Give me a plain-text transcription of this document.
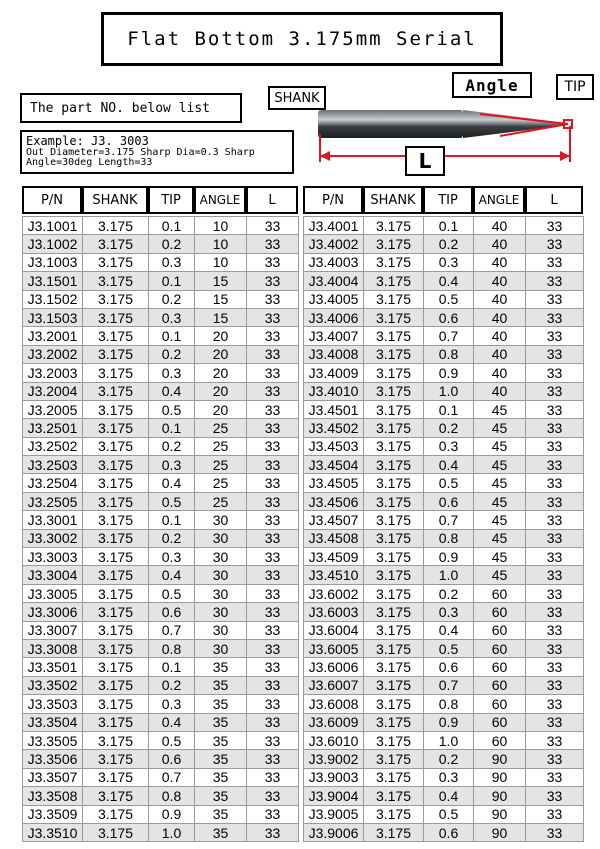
Flat Bottom 3.175mm Serial
The part NO. below list
Example: J3. 3003
Out Diameter=3.175 Sharp Dia=0.3 Sharp
Angle=30deg Length=33
SHANK
Angle	TIP
L
P/N	SHANK	TIP	ANGLE	L	P/N	SHANK	TIP	ANGLE	L
J3.1001	3.175	0.1	10	33
J3.1002	3.175	0.2	10	33
J3.1003	3.175	0.3	10	33
J3.1501	3.175	0.1	15	33
J3.1502	3.175	0.2	15	33
J3.1503	3.175	0.3	15	33
J3.2001	3.175	0.1	20	33
J3.2002	3.175	0.2	20	33
J3.2003	3.175	0.3	20	33
J3.2004	3.175	0.4	20	33
J3.2005	3.175	0.5	20	33
J3.2501	3.175	0.1	25	33
J3.2502	3.175	0.2	25	33
J3.2503	3.175	0.3	25	33
J3.2504	3.175	0.4	25	33
J3.2505	3.175	0.5	25	33
J3.3001	3.175	0.1	30	33
J3.3002	3.175	0.2	30	33
J3.3003	3.175	0.3	30	33
J3.3004	3.175	0.4	30	33
J3.3005	3.175	0.5	30	33
J3.3006	3.175	0.6	30	33
J3.3007	3.175	0.7	30	33
J3.3008	3.175	0.8	30	33
J3.3501	3.175	0.1	35	33
J3.3502	3.175	0.2	35	33
J3.3503	3.175	0.3	35	33
J3.3504	3.175	0.4	35	33
J3.3505	3.175	0.5	35	33
J3.3506	3.175	0.6	35	33
J3.3507	3.175	0.7	35	33
J3.3508	3.175	0.8	35	33
J3.3509	3.175	0.9	35	33
J3.3510	3.175	1.0	35	33
J3.4001	3.175	0.1	40	33
J3.4002	3.175	0.2	40	33
J3.4003	3.175	0.3	40	33
J3.4004	3.175	0.4	40	33
J3.4005	3.175	0.5	40	33
J3.4006	3.175	0.6	40	33
J3.4007	3.175	0.7	40	33
J3.4008	3.175	0.8	40	33
J3.4009	3.175	0.9	40	33
J3.4010	3.175	1.0	40	33
J3.4501	3.175	0.1	45	33
J3.4502	3.175	0.2	45	33
J3.4503	3.175	0.3	45	33
J3.4504	3.175	0.4	45	33
J3.4505	3.175	0.5	45	33
J3.4506	3.175	0.6	45	33
J3.4507	3.175	0.7	45	33
J3.4508	3.175	0.8	45	33
J3.4509	3.175	0.9	45	33
J3.4510	3.175	1.0	45	33
J3.6002	3.175	0.2	60	33
J3.6003	3.175	0.3	60	33
J3.6004	3.175	0.4	60	33
J3.6005	3.175	0.5	60	33
J3.6006	3.175	0.6	60	33
J3.6007	3.175	0.7	60	33
J3.6008	3.175	0.8	60	33
J3.6009	3.175	0.9	60	33
J3.6010	3.175	1.0	60	33
J3.9002	3.175	0.2	90	33
J3.9003	3.175	0.3	90	33
J3.9004	3.175	0.4	90	33
J3.9005	3.175	0.5	90	33
J3.9006	3.175	0.6	90	33
